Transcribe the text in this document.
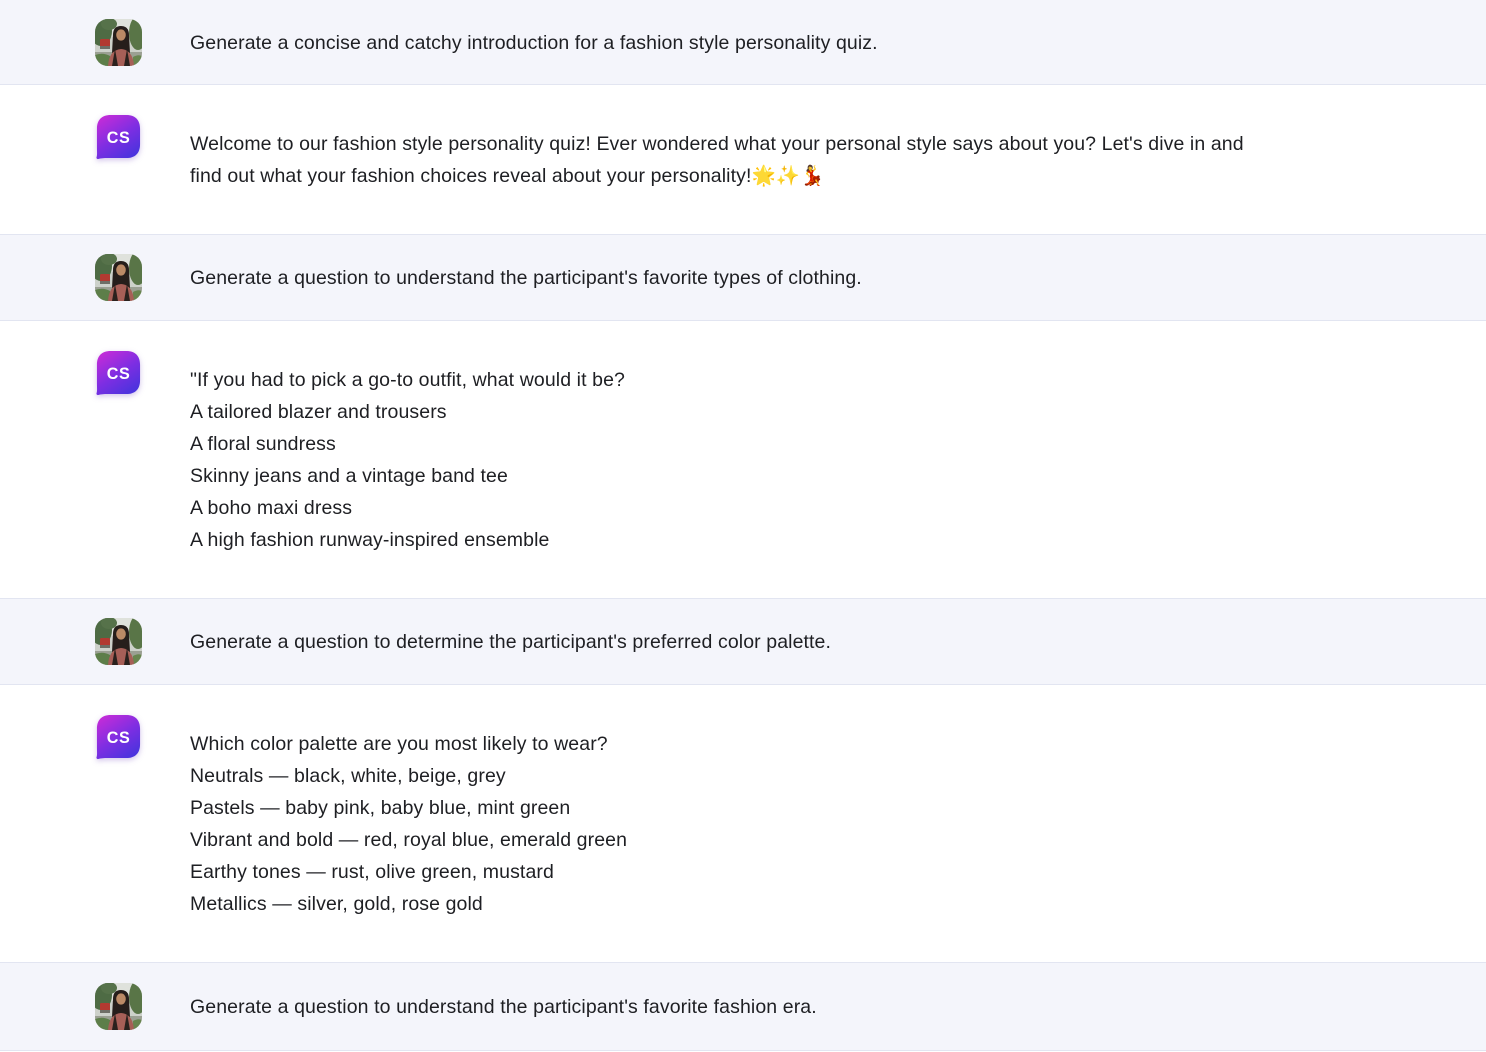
Generate a concise and catchy introduction for a fashion style personality quiz.
CS	Welcome to our fashion style personality quiz! Ever wondered what your personal style says about you? Let's dive in and find out what your fashion choices reveal about your personality!🌟✨💃
Generate a question to understand the participant's favorite types of clothing.
CS	"If you had to pick a go-to outfit, what would it be?
A tailored blazer and trousers
A floral sundress
Skinny jeans and a vintage band tee
A boho maxi dress
A high fashion runway-inspired ensemble
Generate a question to determine the participant's preferred color palette.
CS	Which color palette are you most likely to wear?
Neutrals — black, white, beige, grey
Pastels — baby pink, baby blue, mint green
Vibrant and bold — red, royal blue, emerald green
Earthy tones — rust, olive green, mustard
Metallics — silver, gold, rose gold
Generate a question to understand the participant's favorite fashion era.
